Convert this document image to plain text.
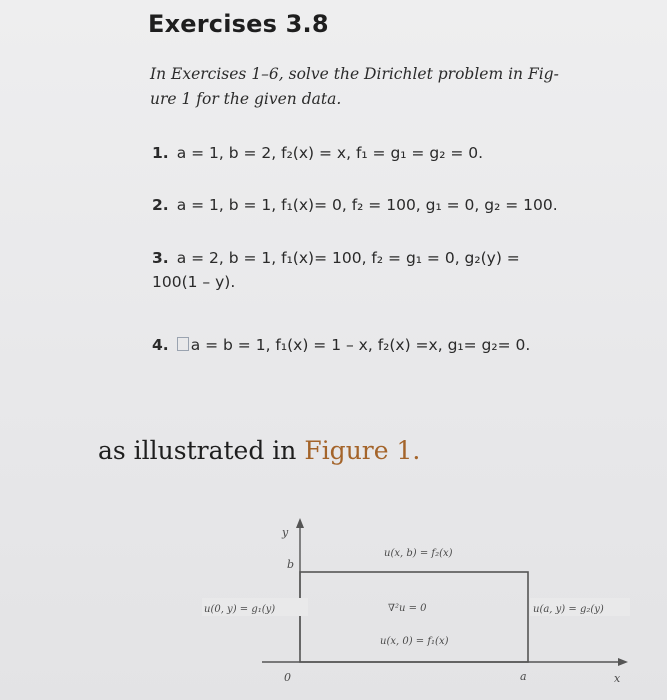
Exercises 3.8
In Exercises 1–6, solve the Dirichlet problem in Fig-
ure 1 for the given data.
1. a = 1, b = 2, f₂(x) = x, f₁ = g₁ = g₂ = 0.
2. a = 1, b = 1, f₁(x)= 0, f₂ = 100, g₁ = 0, g₂ = 100.
3. a = 2, b = 1, f₁(x)= 100, f₂ = g₁ = 0, g₂(y) =
100(1 – y).
4. a = b = 1, f₁(x) = 1 – x, f₂(x) =x, g₁= g₂= 0.
as illustrated in Figure 1.
y
b
a
0	x
u(x, b) = f₂(x)
u(0, y) = g₁(y)	u(a, y) = g₂(y)
∇²u = 0
u(x, 0) = f₁(x)
